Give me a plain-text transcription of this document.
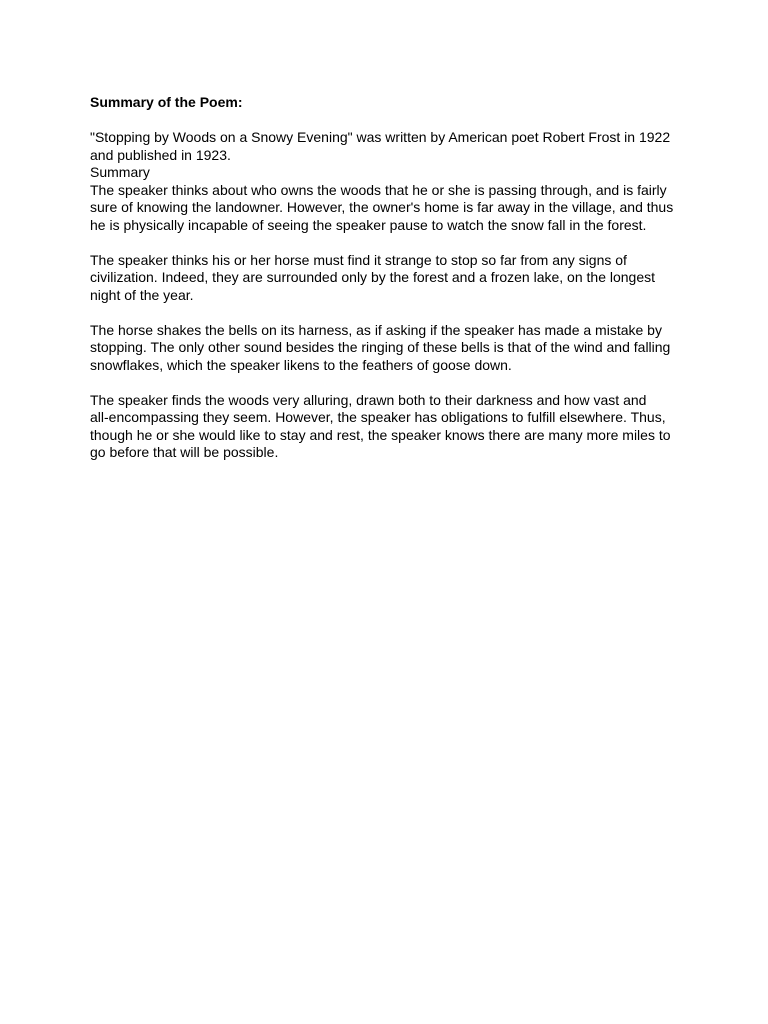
Summary of the Poem:
"Stopping by Woods on a Snowy Evening" was written by American poet Robert Frost in 1922
and published in 1923.
Summary
The speaker thinks about who owns the woods that he or she is passing through, and is fairly
sure of knowing the landowner. However, the owner's home is far away in the village, and thus
he is physically incapable of seeing the speaker pause to watch the snow fall in the forest.
The speaker thinks his or her horse must find it strange to stop so far from any signs of
civilization. Indeed, they are surrounded only by the forest and a frozen lake, on the longest
night of the year.
The horse shakes the bells on its harness, as if asking if the speaker has made a mistake by
stopping. The only other sound besides the ringing of these bells is that of the wind and falling
snowflakes, which the speaker likens to the feathers of goose down.
The speaker finds the woods very alluring, drawn both to their darkness and how vast and
all-encompassing they seem. However, the speaker has obligations to fulfill elsewhere. Thus,
though he or she would like to stay and rest, the speaker knows there are many more miles to
go before that will be possible.
